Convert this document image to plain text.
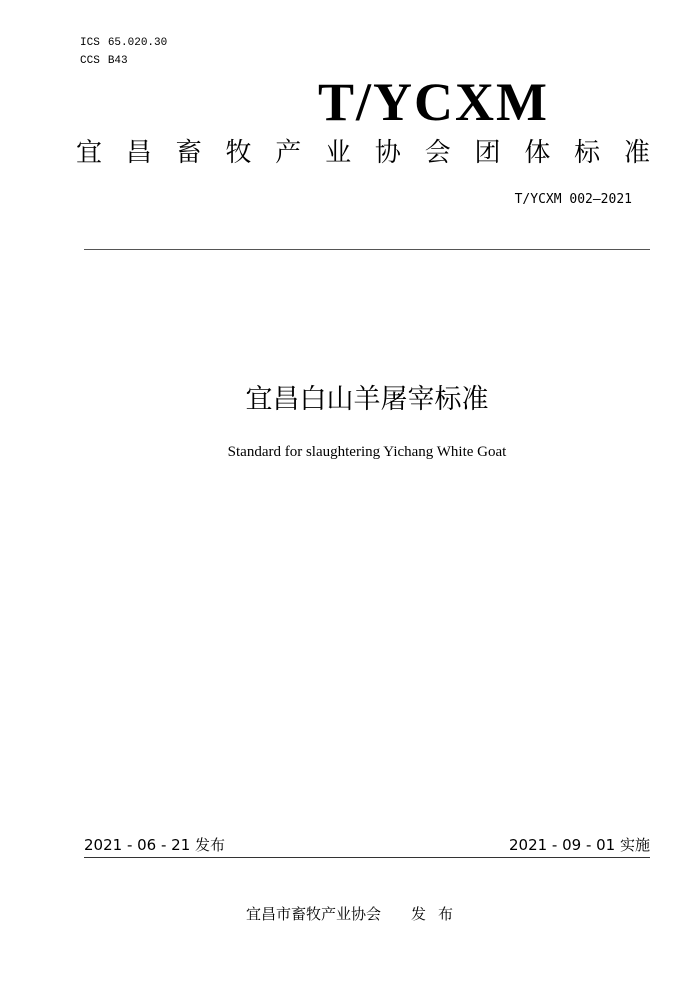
ICS 65.020.30
CCS B43
T/YCXM
宜 昌 畜 牧 产 业 协 会 团 体 标 准
T/YCXM 002—2021
宜昌白山羊屠宰标准
Standard for slaughtering Yichang White Goat
2021 - 06 - 21 发布	2021 - 09 - 01 实施
宜昌市畜牧产业协会 发布
